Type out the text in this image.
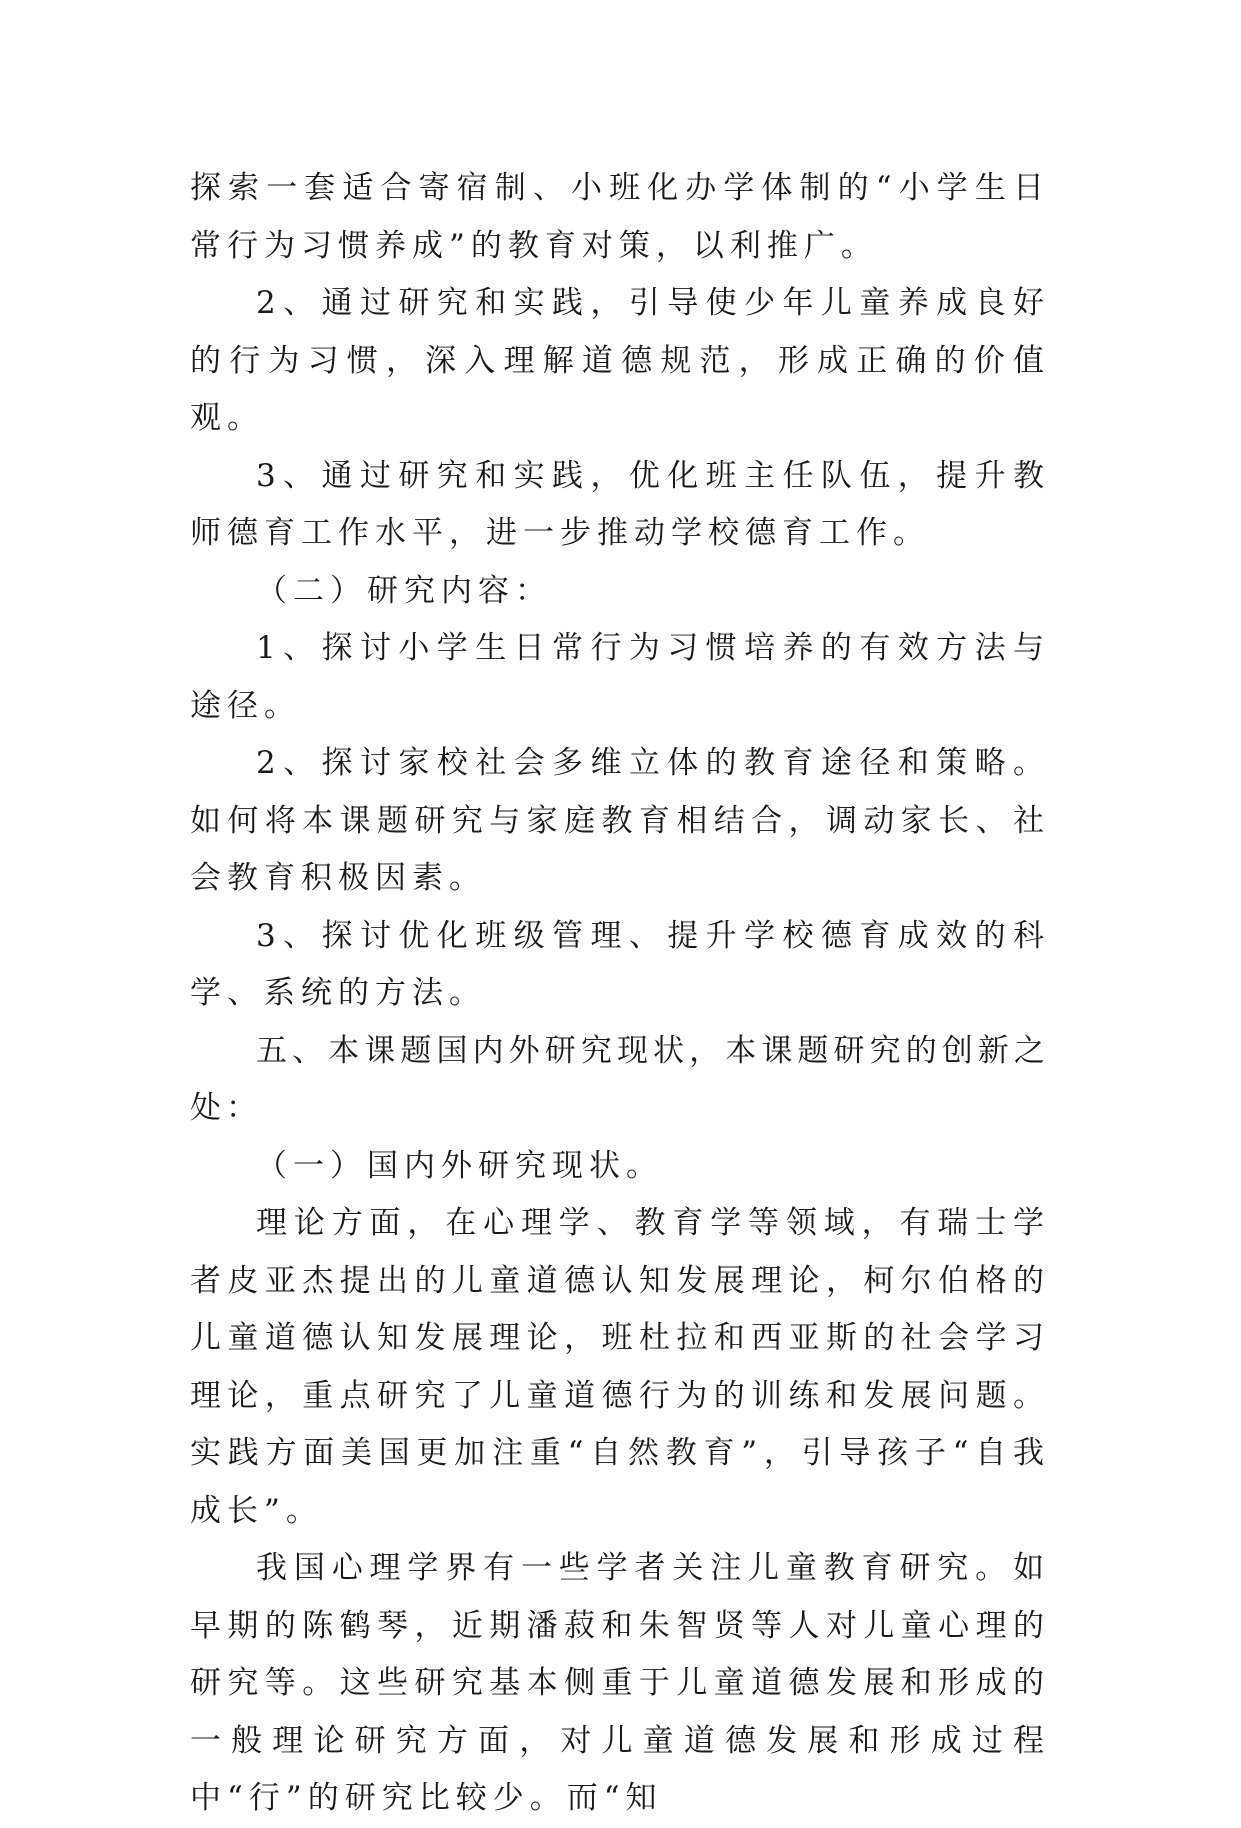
探索一套适合寄宿制、小班化办学体制的“小学生日常行为习惯养成”的教育对策，以利推广。

2、通过研究和实践，引导使少年儿童养成良好的行为习惯，深入理解道德规范，形成正确的价值观。

3、通过研究和实践，优化班主任队伍，提升教师德育工作水平，进一步推动学校德育工作。

（二）研究内容：

1、探讨小学生日常行为习惯培养的有效方法与途径。

2、探讨家校社会多维立体的教育途径和策略。如何将本课题研究与家庭教育相结合，调动家长、社会教育积极因素。

3、探讨优化班级管理、提升学校德育成效的科学、系统的方法。

五、本课题国内外研究现状，本课题研究的创新之处：

（一）国内外研究现状。

理论方面，在心理学、教育学等领域，有瑞士学者皮亚杰提出的儿童道德认知发展理论，柯尔伯格的儿童道德认知发展理论，班杜拉和西亚斯的社会学习理论，重点研究了儿童道德行为的训练和发展问题。实践方面美国更加注重“自然教育”，引导孩子“自我成长”。

我国心理学界有一些学者关注儿童教育研究。如早期的陈鹤琴，近期潘菽和朱智贤等人对儿童心理的研究等。这些研究基本侧重于儿童道德发展和形成的一般理论研究方面，对儿童道德发展和形成过程中“行”的研究比较少。而“知
